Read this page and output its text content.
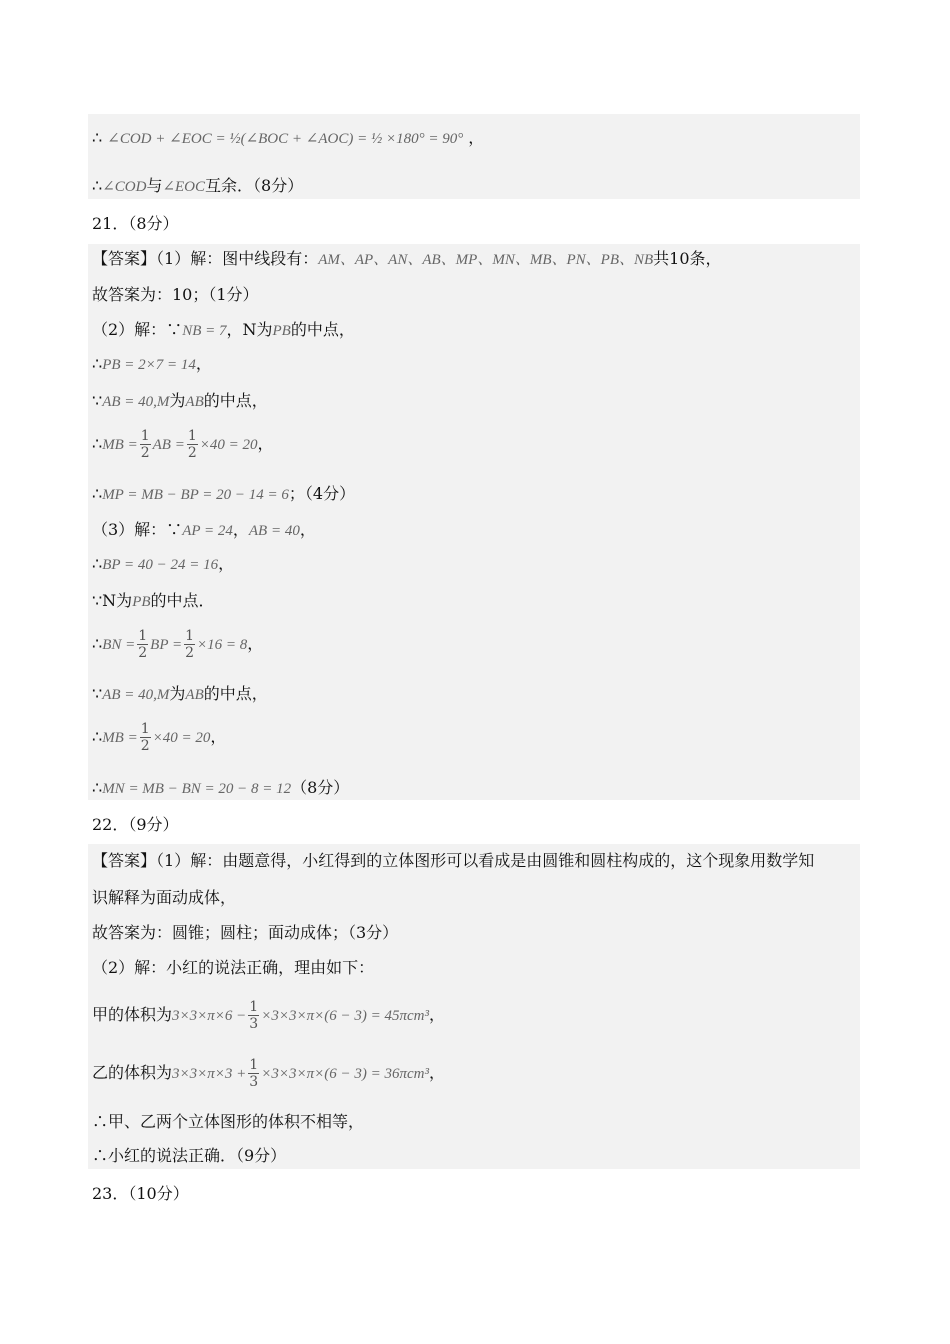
∴ ∠COD + ∠EOC = ½(∠BOC + ∠AOC) = ½ ×180° = 90° ，
∴∠COD与∠EOC互余．（8分）
21．（8分）
【答案】（1）解：图中线段有：AM、AP、AN、AB、MP、MN、MB、PN、PB、NB共10条，
故答案为：10；（1分）
（2）解：∵NB = 7，N为PB的中点，
∴PB = 2×7 = 14，
∵AB = 40,M为AB的中点，
∴MB = $\frac{1}{2}$ AB = $\frac{1}{2} \times 40 = 20$，
∴MP = MB − BP = 20 − 14 = 6；（4分）
（3）解：∵AP = 24，AB = 40，
∴BP = 40 − 24 = 16，
∵N为PB的中点．
∴BN = $\frac{1}{2}$ BP = $\frac{1}{2} \times 16 = 8$，
∵AB = 40,M为AB的中点，
∴MB = $\frac{1}{2} \times 40 = 20$，
∴MN = MB − BN = 20 − 8 = 12（8分）
22．（9分）
【答案】（1）解：由题意得，小红得到的立体图形可以看成是由圆锥和圆柱构成的，这个现象用数学知
识解释为面动成体，
故答案为：圆锥；圆柱；面动成体；（3分）
（2）解：小红的说法正确，理由如下：
甲的体积为$3\times 3\times\pi\times 6 - \frac{1}{3} \times 3\times 3\times\pi\times(6 - 3) = 45\pi cm^3$，
乙的体积为$3\times 3\times\pi\times 3 + \frac{1}{3} \times 3\times 3\times\pi\times(6 - 3) = 36\pi cm^3$，
∴甲、乙两个立体图形的体积不相等，
∴小红的说法正确．（9分）
23．（10分）
